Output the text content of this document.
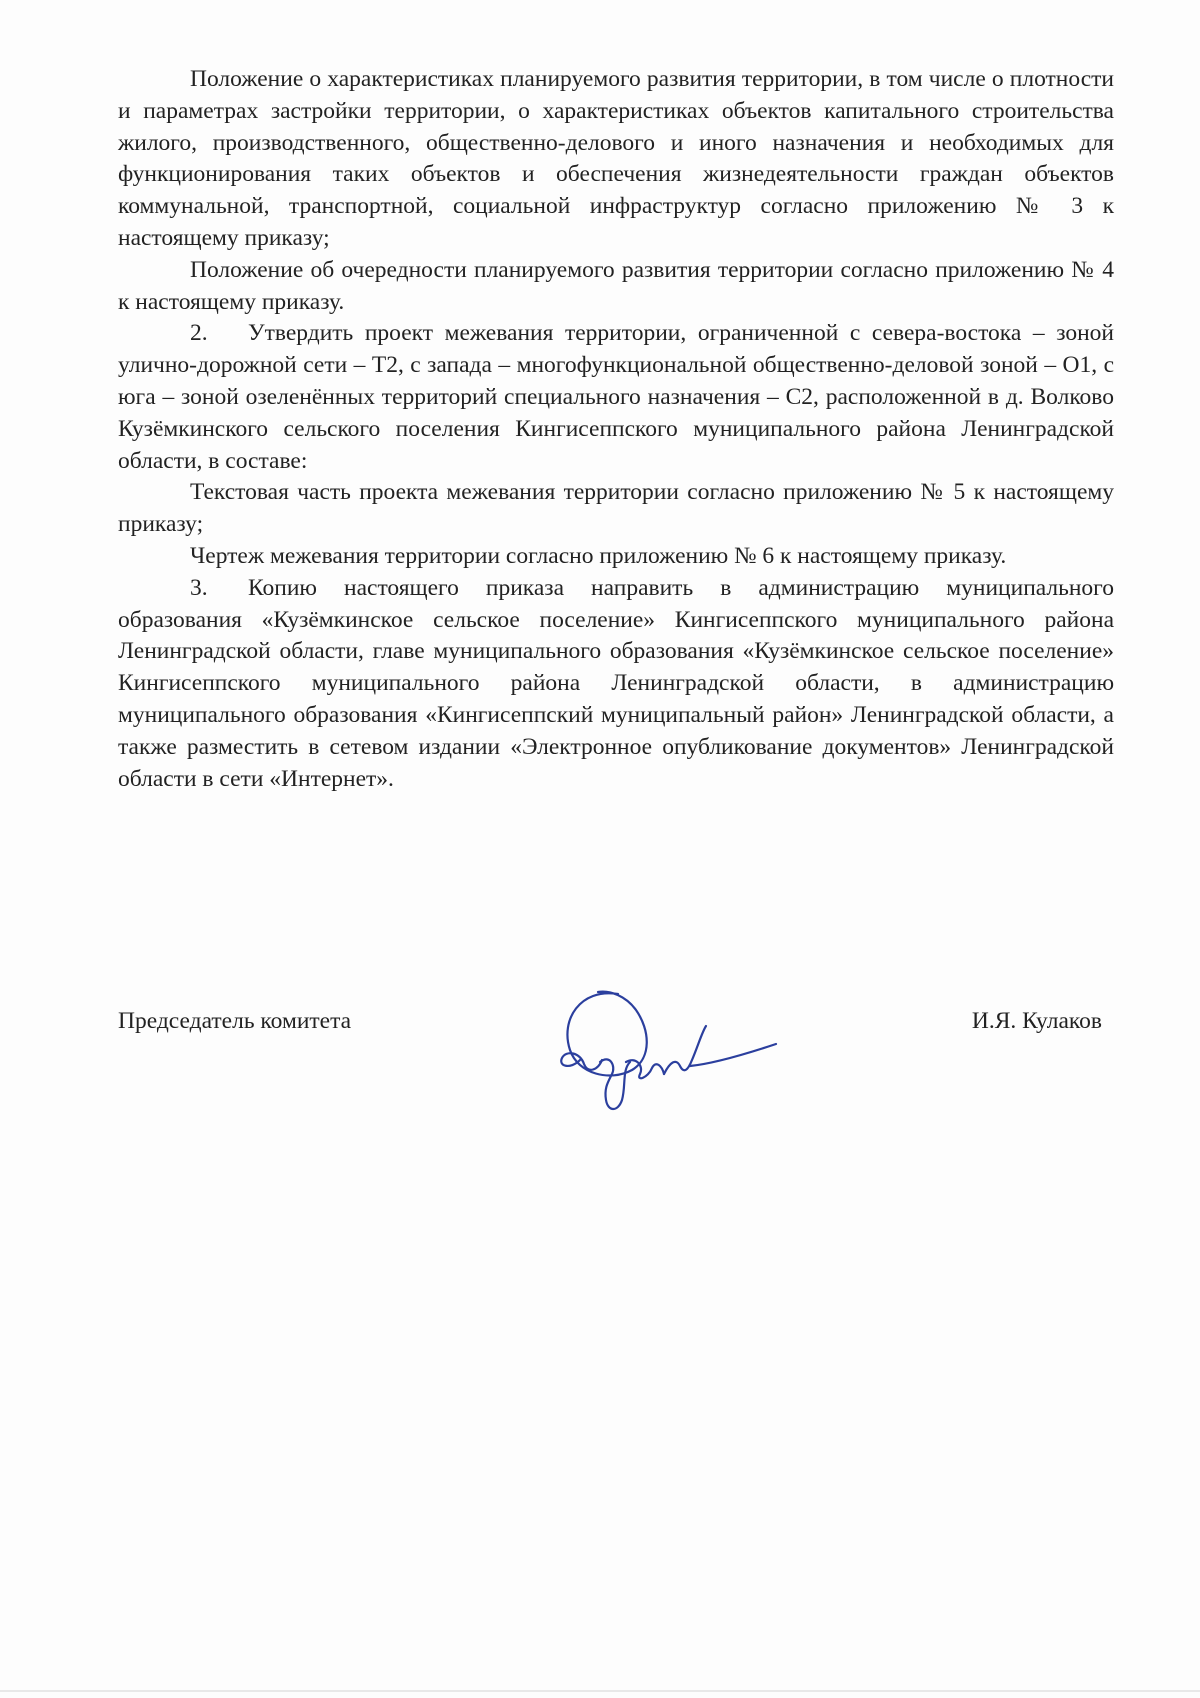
Положение о характеристиках планируемого развития территории, в том числе о плотности и параметрах застройки территории, о характеристиках объектов капитального строительства жилого, производственного, общественно-делового и иного назначения и необходимых для функционирования таких объектов и обеспечения жизнедеятельности граждан объектов коммунальной, транспортной, социальной инфраструктур согласно приложению № 3 к настоящему приказу;

Положение об очередности планируемого развития территории согласно приложению № 4 к настоящему приказу.

2. Утвердить проект межевания территории, ограниченной с северa-востока – зоной улично-дорожной сети – Т2, с запада – многофункциональной общественно-деловой зоной – О1, с юга – зоной озеленённых территорий специального назначения – С2, расположенной в д. Волково Кузёмкинского сельского поселения Кингисеппского муниципального района Ленинградской области, в составе:

Текстовая часть проекта межевания территории согласно приложению № 5 к настоящему приказу;

Чертеж межевания территории согласно приложению № 6 к настоящему приказу.

3. Копию настоящего приказа направить в администрацию муниципального образования «Кузёмкинское сельское поселение» Кингисеппского муниципального района Ленинградской области, главе муниципального образования «Кузёмкинское сельское поселение» Кингисеппского муниципального района Ленинградской области, в администрацию муниципального образования «Кингисеппский муниципальный район» Ленинградской области, а также разместить в сетевом издании «Электронное опубликование документов» Ленинградской области в сети «Интернет».

Председатель комитета	И.Я. Кулаков
